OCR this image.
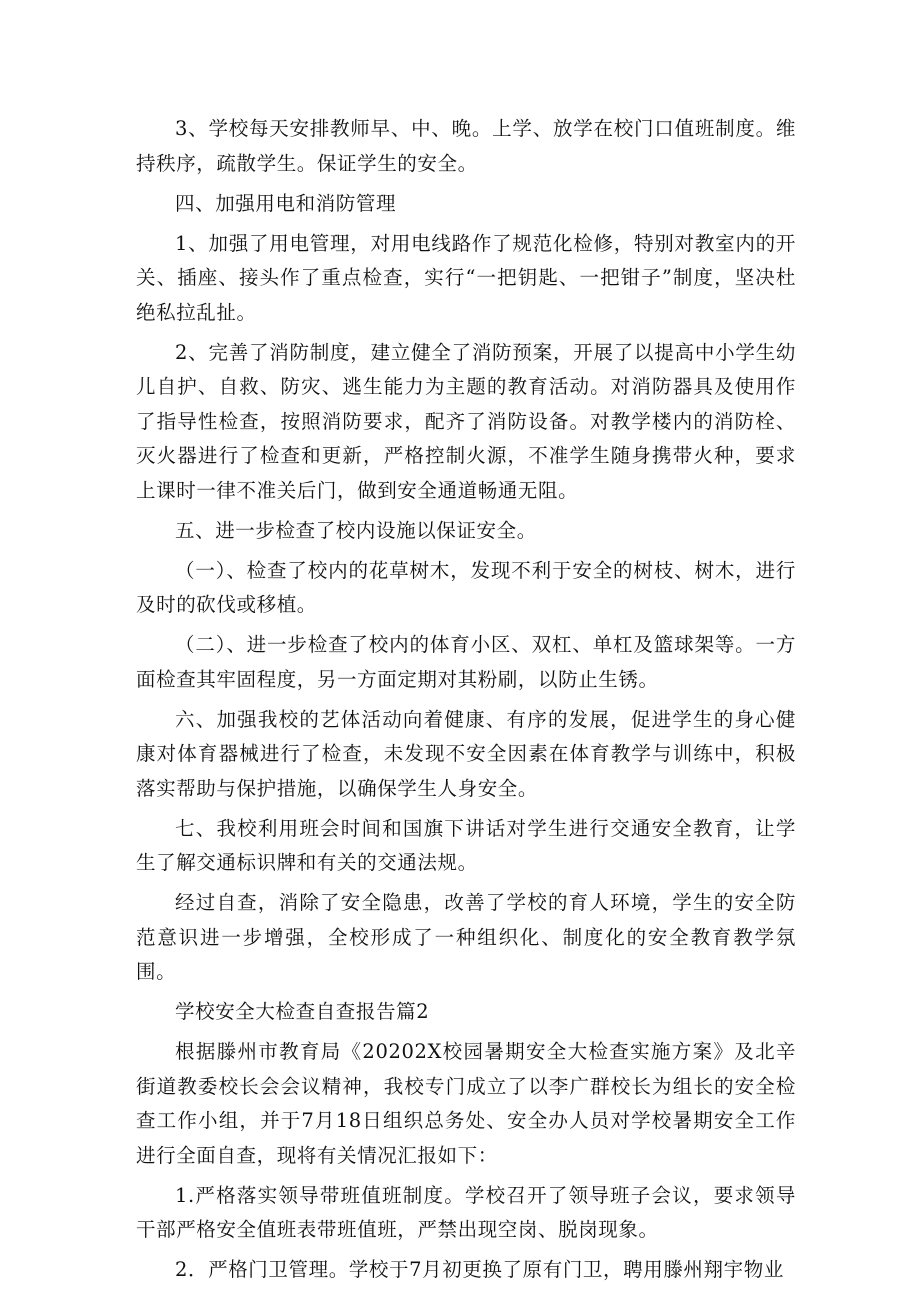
3、学校每天安排教师早、中、晚。上学、放学在校门口值班制度。维持秩序，疏散学生。保证学生的安全。

四、加强用电和消防管理

1、加强了用电管理，对用电线路作了规范化检修，特别对教室内的开关、插座、接头作了重点检查，实行“一把钥匙、一把钳子”制度，坚决杜绝私拉乱扯。

2、完善了消防制度，建立健全了消防预案，开展了以提高中小学生幼儿自护、自救、防灾、逃生能力为主题的教育活动。对消防器具及使用作了指导性检查，按照消防要求，配齐了消防设备。对教学楼内的消防栓、灭火器进行了检查和更新，严格控制火源，不准学生随身携带火种，要求上课时一律不准关后门，做到安全通道畅通无阻。

五、进一步检查了校内设施以保证安全。

（一）、检查了校内的花草树木，发现不利于安全的树枝、树木，进行及时的砍伐或移植。

（二）、进一步检查了校内的体育小区、双杠、单杠及篮球架等。一方面检查其牢固程度，另一方面定期对其粉刷，以防止生锈。

六、加强我校的艺体活动向着健康、有序的发展，促进学生的身心健康对体育器械进行了检查，未发现不安全因素在体育教学与训练中，积极落实帮助与保护措施，以确保学生人身安全。

七、我校利用班会时间和国旗下讲话对学生进行交通安全教育，让学生了解交通标识牌和有关的交通法规。

经过自查，消除了安全隐患，改善了学校的育人环境，学生的安全防范意识进一步增强，全校形成了一种组织化、制度化的安全教育教学氛围。

学校安全大检查自查报告篇2

根据滕州市教育局《20202X校园暑期安全大检查实施方案》及北辛街道教委校长会会议精神，我校专门成立了以李广群校长为组长的安全检查工作小组，并于7月18日组织总务处、安全办人员对学校暑期安全工作进行全面自查，现将有关情况汇报如下：

1.严格落实领导带班值班制度。学校召开了领导班子会议，要求领导干部严格安全值班表带班值班，严禁出现空岗、脱岗现象。

2．严格门卫管理。学校于7月初更换了原有门卫，聘用滕州翔宇物业
